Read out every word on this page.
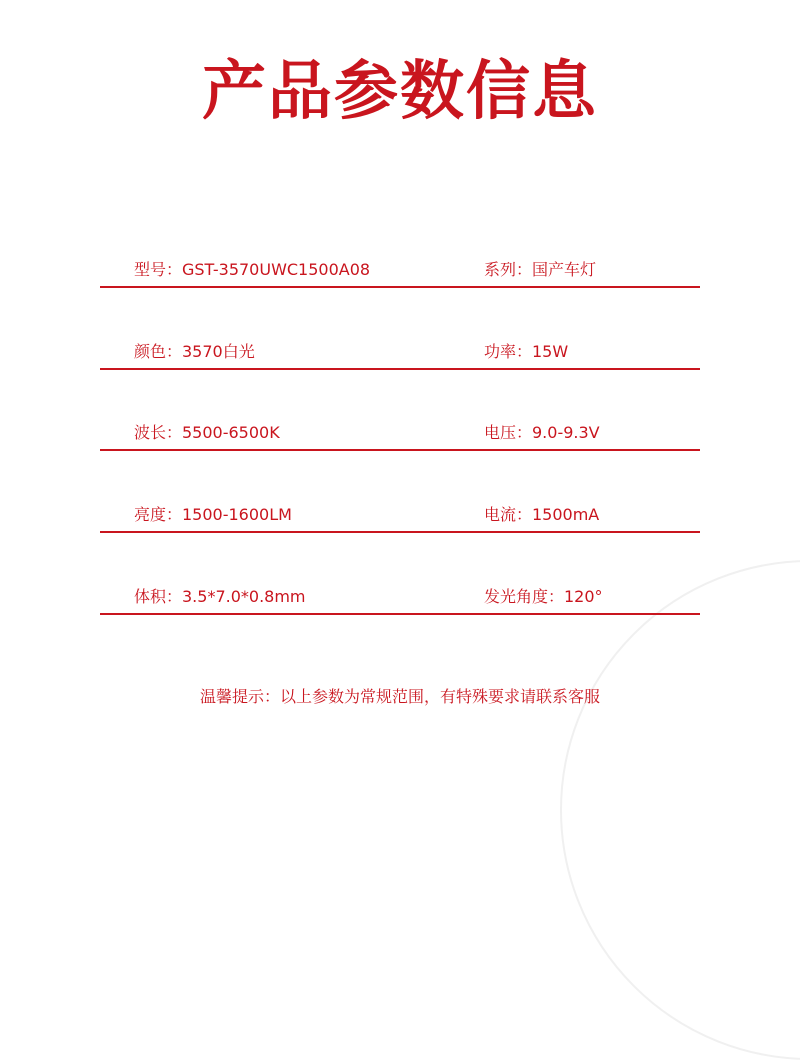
产品参数信息
型号：GST-3570UWC1500A08	系列：国产车灯
颜色：3570白光	功率：15W
波长：5500-6500K	电压：9.0-9.3V
亮度：1500-1600LM	电流：1500mA
体积：3.5*7.0*0.8mm	发光角度：120°
温馨提示：以上参数为常规范围，有特殊要求请联系客服
